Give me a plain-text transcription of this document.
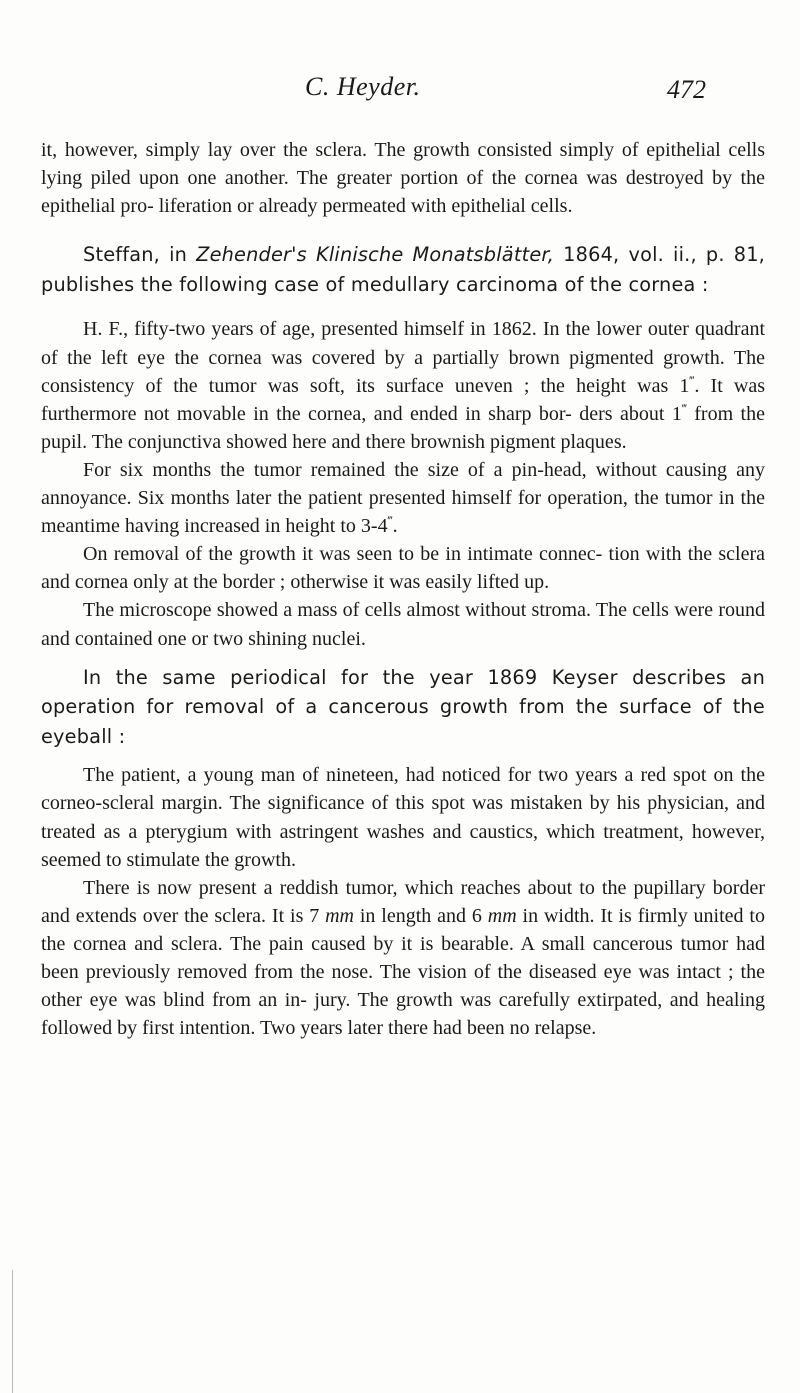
C. Heyder.	472

it, however, simply lay over the sclera. The growth consisted simply of epithelial cells lying piled upon one another. The greater portion of the cornea was destroyed by the epithelial pro- liferation or already permeated with epithelial cells.

Steffan, in Zehender's Klinische Monatsblätter, 1864, vol. ii., p. 81, publishes the following case of medullary carcinoma of the cornea :

H. F., fifty-two years of age, presented himself in 1862. In the lower outer quadrant of the left eye the cornea was covered by a partially brown pigmented growth. The consistency of the tumor was soft, its surface uneven ; the height was 1‴. It was furthermore not movable in the cornea, and ended in sharp bor- ders about 1‴ from the pupil. The conjunctiva showed here and there brownish pigment plaques.

For six months the tumor remained the size of a pin-head, without causing any annoyance. Six months later the patient presented himself for operation, the tumor in the meantime having increased in height to 3-4‴.

On removal of the growth it was seen to be in intimate connec- tion with the sclera and cornea only at the border ; otherwise it was easily lifted up.

The microscope showed a mass of cells almost without stroma. The cells were round and contained one or two shining nuclei.

In the same periodical for the year 1869 Keyser describes an operation for removal of a cancerous growth from the surface of the eyeball :

The patient, a young man of nineteen, had noticed for two years a red spot on the corneo-scleral margin. The significance of this spot was mistaken by his physician, and treated as a pterygium with astringent washes and caustics, which treatment, however, seemed to stimulate the growth.

There is now present a reddish tumor, which reaches about to the pupillary border and extends over the sclera. It is 7 mm in length and 6 mm in width. It is firmly united to the cornea and sclera. The pain caused by it is bearable. A small cancerous tumor had been previously removed from the nose. The vision of the diseased eye was intact ; the other eye was blind from an in- jury. The growth was carefully extirpated, and healing followed by first intention. Two years later there had been no relapse.
